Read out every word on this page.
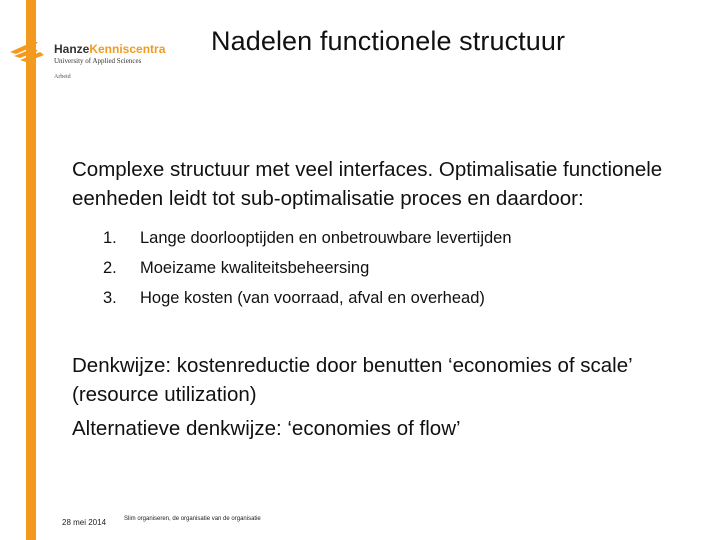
HanzeKenniscentra
University of Applied Sciences
Arbeid
Nadelen functionele structuur

Complexe structuur met veel interfaces. Optimalisatie functionele eenheden leidt tot sub-optimalisatie proces en daardoor:

1. Lange doorlooptijden en onbetrouwbare levertijden
2. Moeizame kwaliteitsbeheersing
3. Hoge kosten (van voorraad, afval en overhead)

Denkwijze: kostenreductie door benutten ‘economies of scale’ (resource utilization)

Alternatieve denkwijze: ‘economies of flow’

28 mei 2014	Slim organiseren, de organisatie van de organisatie
